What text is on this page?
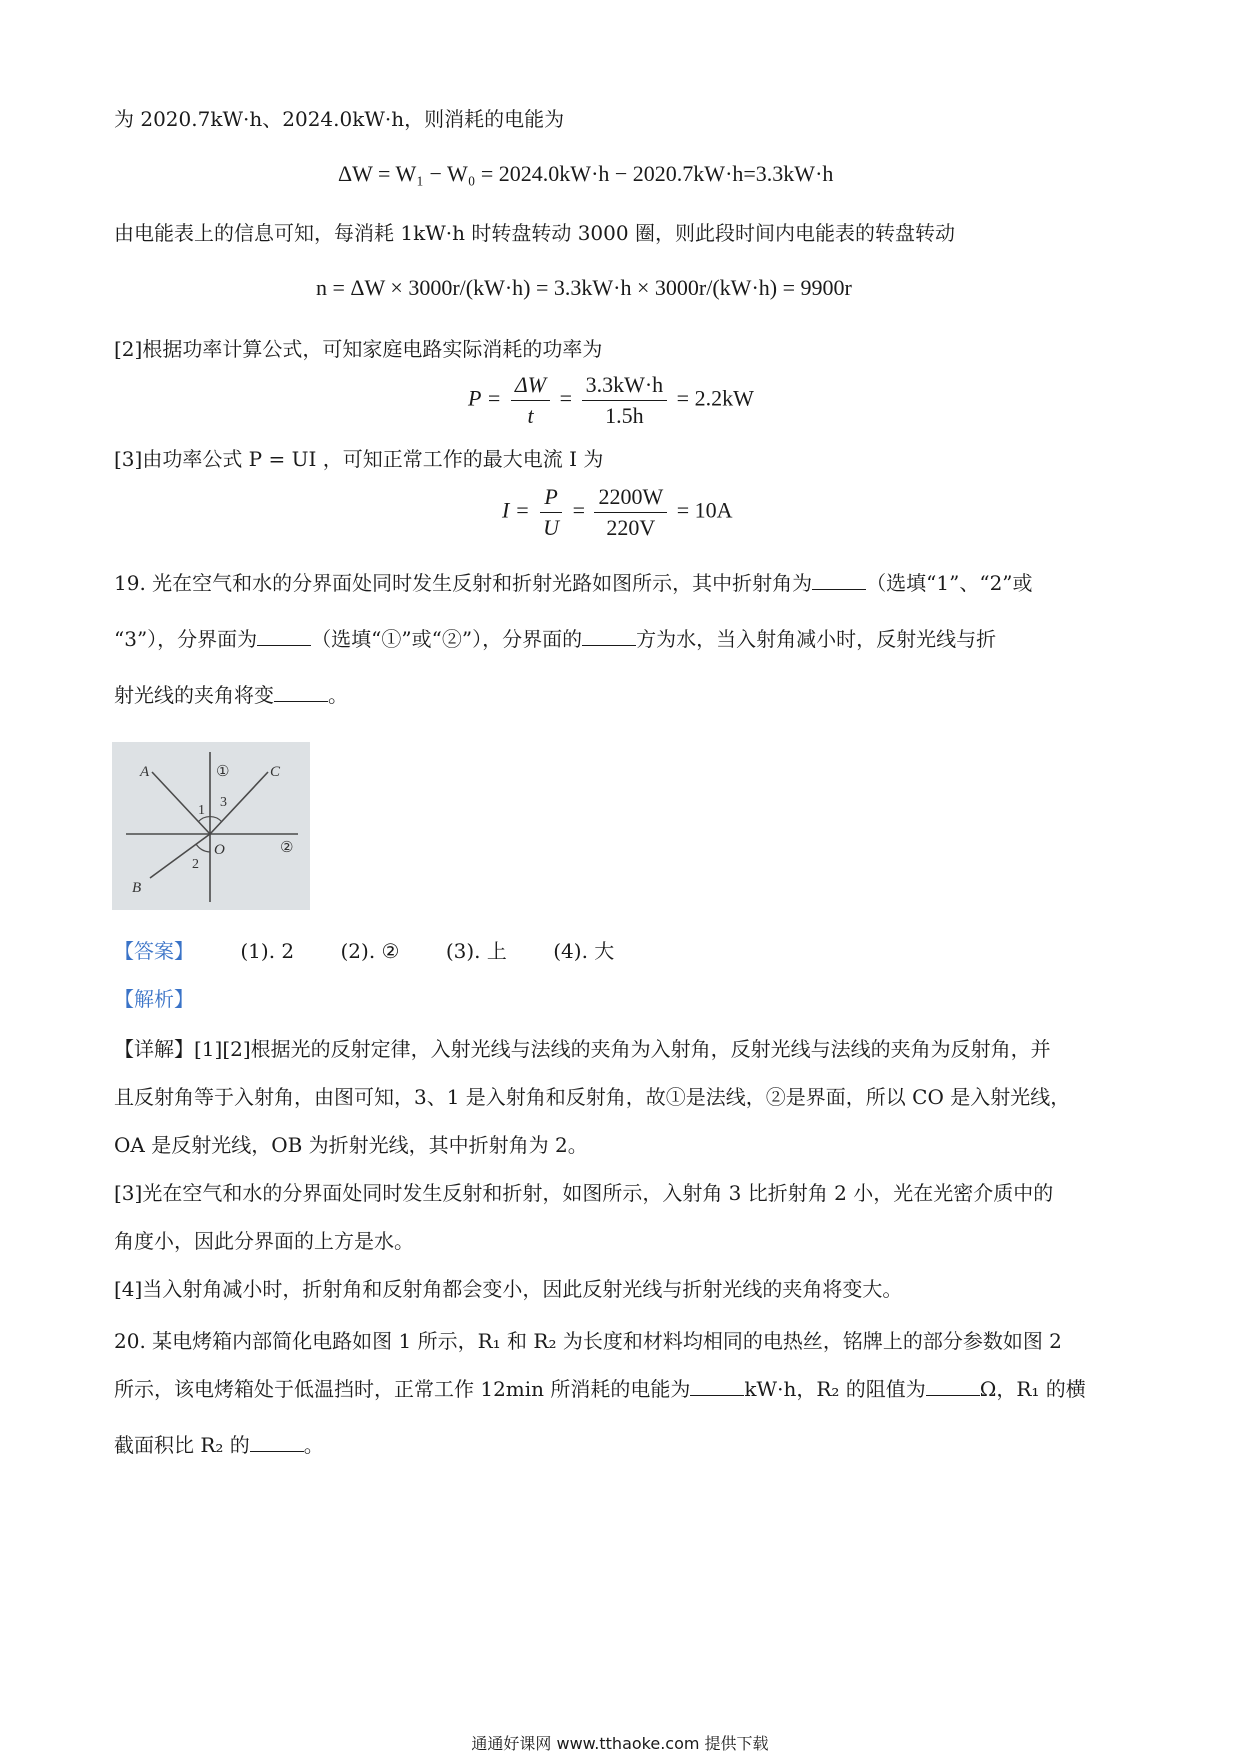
为 2020.7kW·h、2024.0kW·h，则消耗的电能为
ΔW = W₁ − W₀ = 2024.0kW·h − 2020.7kW·h=3.3kW·h
由电能表上的信息可知，每消耗 1kW·h 时转盘转动 3000 圈，则此段时间内电能表的转盘转动
n = ΔW × 3000r/(kW·h) = 3.3kW·h × 3000r/(kW·h) = 9900r
[2]根据功率计算公式，可知家庭电路实际消耗的功率为
$P = \frac{\Delta W}{t} = \frac{3.3kW\cdot h}{1.5h} = 2.2kW$
[3]由功率公式 P = UI ，可知正常工作的最大电流 I 为
$I = \frac{P}{U} = \frac{2200W}{220V} = 10A$
19. 光在空气和水的分界面处同时发生反射和折射光路如图所示，其中折射角为	（选填“1”、“2”或
“3”），分界面为	（选填“①”或“②”），分界面的	方为水，当入射角减小时，反射光线与折
射光线的夹角将变	。
A
B
C
O
1
2
3
①
②
【答案】 (1). 2 (2). ② (3). 上 (4). 大
【解析】
【详解】[1][2]根据光的反射定律，入射光线与法线的夹角为入射角，反射光线与法线的夹角为反射角，并
且反射角等于入射角，由图可知，3、1 是入射角和反射角，故①是法线，②是界面，所以 CO 是入射光线，
OA 是反射光线，OB 为折射光线，其中折射角为 2。
[3]光在空气和水的分界面处同时发生反射和折射，如图所示，入射角 3 比折射角 2 小，光在光密介质中的
角度小，因此分界面的上方是水。
[4]当入射角减小时，折射角和反射角都会变小，因此反射光线与折射光线的夹角将变大。
20. 某电烤箱内部简化电路如图 1 所示，R₁ 和 R₂ 为长度和材料均相同的电热丝，铭牌上的部分参数如图 2
所示，该电烤箱处于低温挡时，正常工作 12min 所消耗的电能为	kW·h，R₂ 的阻值为	Ω，R₁ 的横
截面积比 R₂ 的	。
通通好课网 www.tthaoke.com 提供下载
